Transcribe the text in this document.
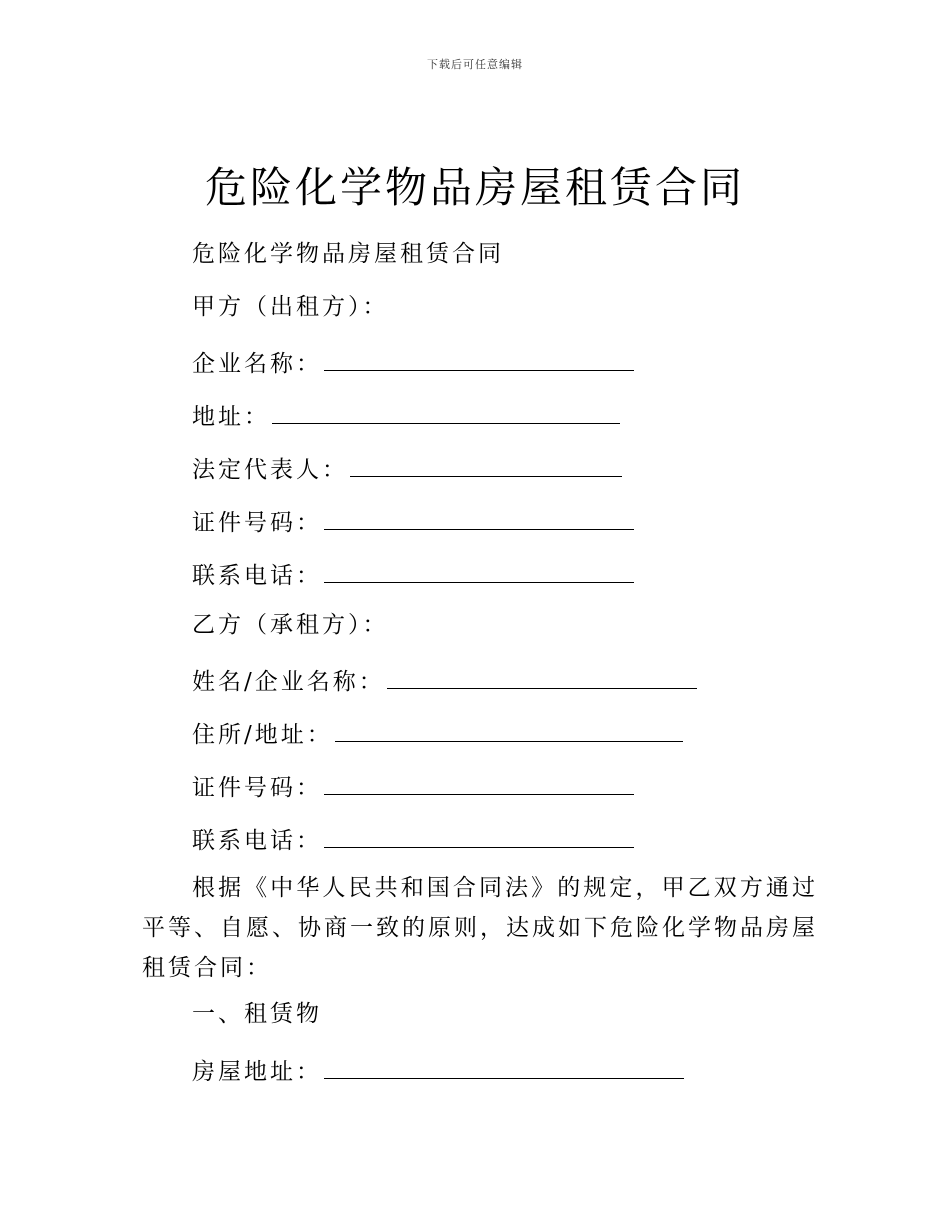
下载后可任意编辑
危险化学物品房屋租赁合同
危险化学物品房屋租赁合同
甲方（出租方）：
企业名称：
地址：
法定代表人：
证件号码：
联系电话：
乙方（承租方）：
姓名/企业名称：
住所/地址：
证件号码：
联系电话：

根据《中华人民共和国合同法》的规定，甲乙双方通过平等、自愿、协商一致的原则，达成如下危险化学物品房屋租赁合同：

一、租赁物
房屋地址：
